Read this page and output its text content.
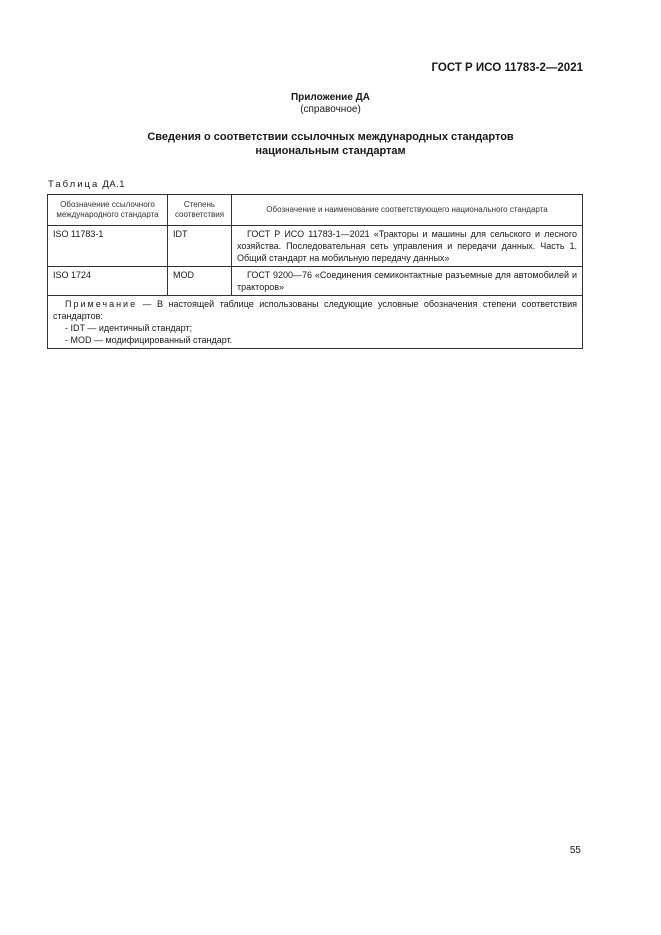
ГОСТ Р ИСО 11783-2—2021
Приложение ДА
(справочное)
Сведения о соответствии ссылочных международных стандартов
национальным стандартам
Таблица ДА.1
Обозначение ссылочного международного стандарта	Степень соответствия	Обозначение и наименование соответствующего национального стандарта
ISO 11783-1	IDT	ГОСТ Р ИСО 11783-1—2021 «Тракторы и машины для сельского и лесного хозяйства. Последовательная сеть управления и передачи данных. Часть 1. Общий стандарт на мобильную передачу данных»
ISO 1724	MOD	ГОСТ 9200—76 «Соединения семиконтактные разъемные для автомобилей и тракторов»

Примечание — В настоящей таблице использованы следующие условные обозначения степени соответствия стандартов:
- IDT — идентичный стандарт;
- MOD — модифицированный стандарт.		
55
